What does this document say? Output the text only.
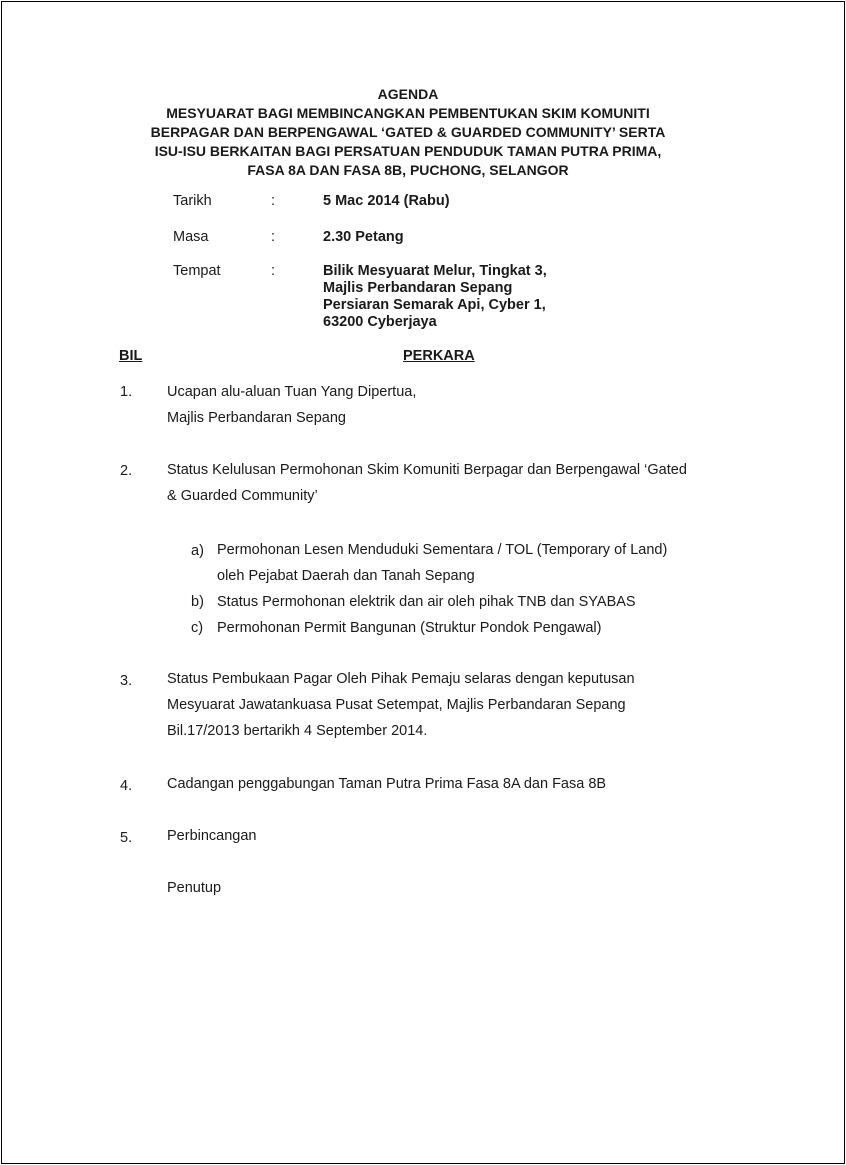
AGENDA
MESYUARAT BAGI MEMBINCANGKAN PEMBENTUKAN SKIM KOMUNITI
BERPAGAR DAN BERPENGAWAL ‘GATED & GUARDED COMMUNITY’ SERTA
ISU-ISU BERKAITAN BAGI PERSATUAN PENDUDUK TAMAN PUTRA PRIMA,
FASA 8A DAN FASA 8B, PUCHONG, SELANGOR
Tarikh	:	5 Mac 2014 (Rabu)
Masa	:	2.30 Petang
Tempat	:	Bilik Mesyuarat Melur, Tingkat 3,
Majlis Perbandaran Sepang
Persiaran Semarak Api, Cyber 1,
63200 Cyberjaya
BIL	PERKARA
1. Ucapan alu-aluan Tuan Yang Dipertua,
Majlis Perbandaran Sepang
2. Status Kelulusan Permohonan Skim Komuniti Berpagar dan Berpengawal ‘Gated
& Guarded Community’
a) Permohonan Lesen Menduduki Sementara / TOL (Temporary of Land)
oleh Pejabat Daerah dan Tanah Sepang
b) Status Permohonan elektrik dan air oleh pihak TNB dan SYABAS
c) Permohonan Permit Bangunan (Struktur Pondok Pengawal)
3. Status Pembukaan Pagar Oleh Pihak Pemaju selaras dengan keputusan
Mesyuarat Jawatankuasa Pusat Setempat, Majlis Perbandaran Sepang
Bil.17/2013 bertarikh 4 September 2014.
4. Cadangan penggabungan Taman Putra Prima Fasa 8A dan Fasa 8B
5. Perbincangan
Penutup
